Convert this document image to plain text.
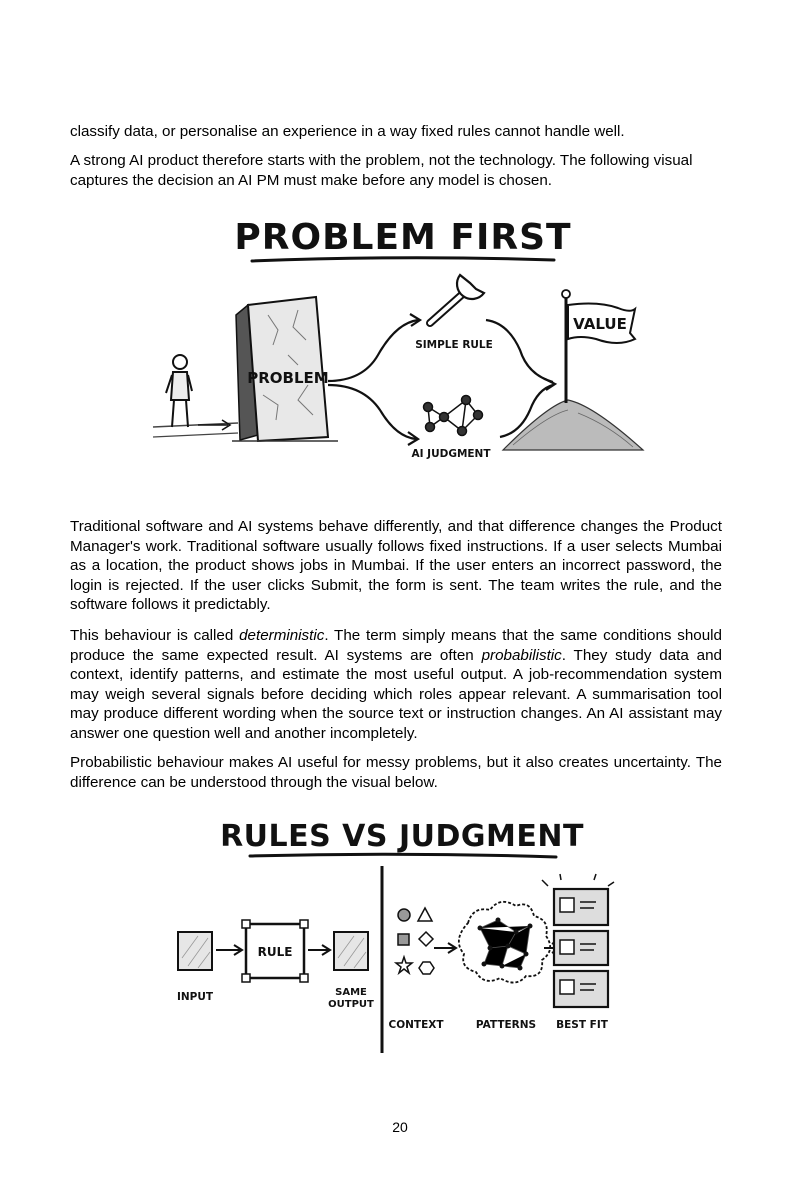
classify data, or personalise an experience in a way fixed rules cannot handle well.

A strong AI product therefore starts with the problem, not the technology. The following visual captures the decision an AI PM must make before any model is chosen.

PROBLEM FIRST
PROBLEM
SIMPLE RULE
AI JUDGMENT
VALUE

Traditional software and AI systems behave differently, and that difference changes the Product Manager's work. Traditional software usually follows fixed instructions. If a user selects Mumbai as a location, the product shows jobs in Mumbai. If the user enters an incorrect password, the login is rejected. If the user clicks Submit, the form is sent. The team writes the rule, and the software follows it predictably.

This behaviour is called deterministic. The term simply means that the same conditions should produce the same expected result. AI systems are often probabilistic. They study data and context, identify patterns, and estimate the most useful output. A job-recommendation system may weigh several signals before deciding which roles appear relevant. A summarisation tool may produce different wording when the source text or instruction changes. An AI assistant may answer one question well and another incompletely.

Probabilistic behaviour makes AI useful for messy problems, but it also creates uncertainty. The difference can be understood through the visual below.

RULES VS JUDGMENT
INPUT
RULE
SAME
OUTPUT
CONTEXT	PATTERNS BEST FIT
20
